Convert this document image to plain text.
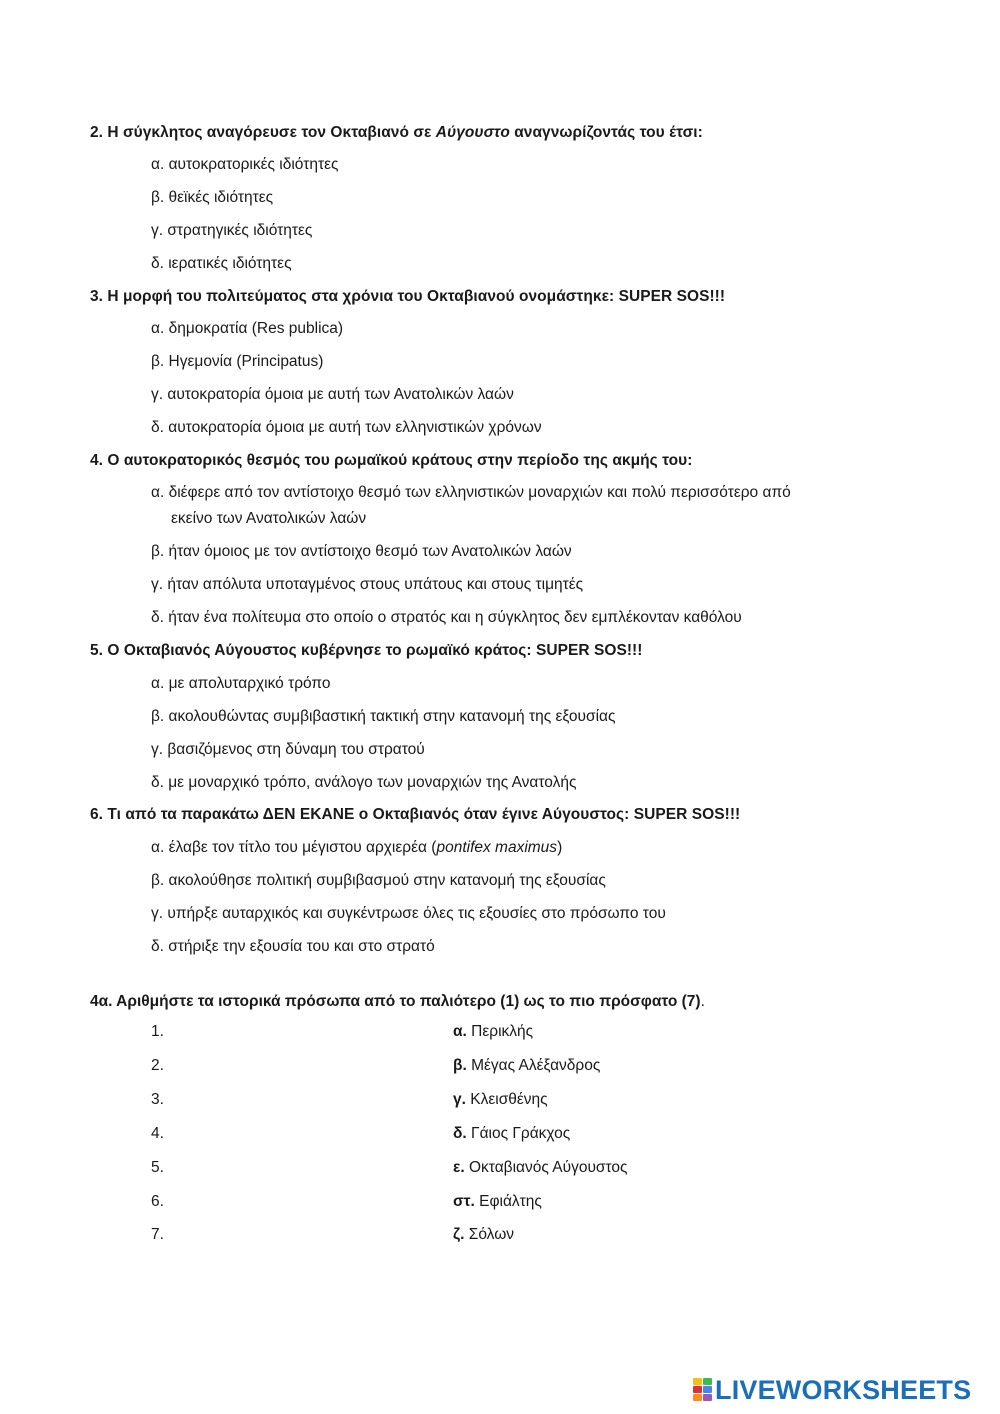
2. Η σύγκλητος αναγόρευσε τον Οκταβιανό σε Αύγουστο αναγνωρίζοντάς του έτσι:
α. αυτοκρατορικές ιδιότητες
β. θεϊκές ιδιότητες
γ. στρατηγικές ιδιότητες
δ. ιερατικές ιδιότητες
3. Η μορφή του πολιτεύματος στα χρόνια του Οκταβιανού ονομάστηκε: SUPER SOS!!!
α. δημοκρατία (Res publica)
β. Ηγεμονία (Principatus)
γ. αυτοκρατορία όμοια με αυτή των Ανατολικών λαών
δ. αυτοκρατορία όμοια με αυτή των ελληνιστικών χρόνων
4. Ο αυτοκρατορικός θεσμός του ρωμαϊκού κράτους στην περίοδο της ακμής του:
α. διέφερε από τον αντίστοιχο θεσμό των ελληνιστικών μοναρχιών και πολύ περισσότερο από
εκείνο των Ανατολικών λαών
β. ήταν όμοιος με τον αντίστοιχο θεσμό των Ανατολικών λαών
γ. ήταν απόλυτα υποταγμένος στους υπάτους και στους τιμητές
δ. ήταν ένα πολίτευμα στο οποίο ο στρατός και η σύγκλητος δεν εμπλέκονταν καθόλου
5. Ο Οκταβιανός Αύγουστος κυβέρνησε το ρωμαϊκό κράτος: SUPER SOS!!!
α. με απολυταρχικό τρόπο
β. ακολουθώντας συμβιβαστική τακτική στην κατανομή της εξουσίας
γ. βασιζόμενος στη δύναμη του στρατού
δ. με μοναρχικό τρόπο, ανάλογο των μοναρχιών της Ανατολής
6. Τι από τα παρακάτω ΔΕΝ ΕΚΑΝΕ ο Οκταβιανός όταν έγινε Αύγουστος: SUPER SOS!!!
α. έλαβε τον τίτλο του μέγιστου αρχιερέα (pontifex maximus)
β. ακολούθησε πολιτική συμβιβασμού στην κατανομή της εξουσίας
γ. υπήρξε αυταρχικός και συγκέντρωσε όλες τις εξουσίες στο πρόσωπο του
δ. στήριξε την εξουσία του και στο στρατό
4α. Αριθμήστε τα ιστορικά πρόσωπα από το παλιότερο (1) ως το πιο πρόσφατο (7).
1.
2.
3.
4.
5.
6.
7.
α. Περικλής
β. Μέγας Αλέξανδρος
γ. Κλεισθένης
δ. Γάιος Γράκχος
ε. Οκταβιανός Αύγουστος
στ. Εφιάλτης
ζ. Σόλων
LIVEWORKSHEETS
